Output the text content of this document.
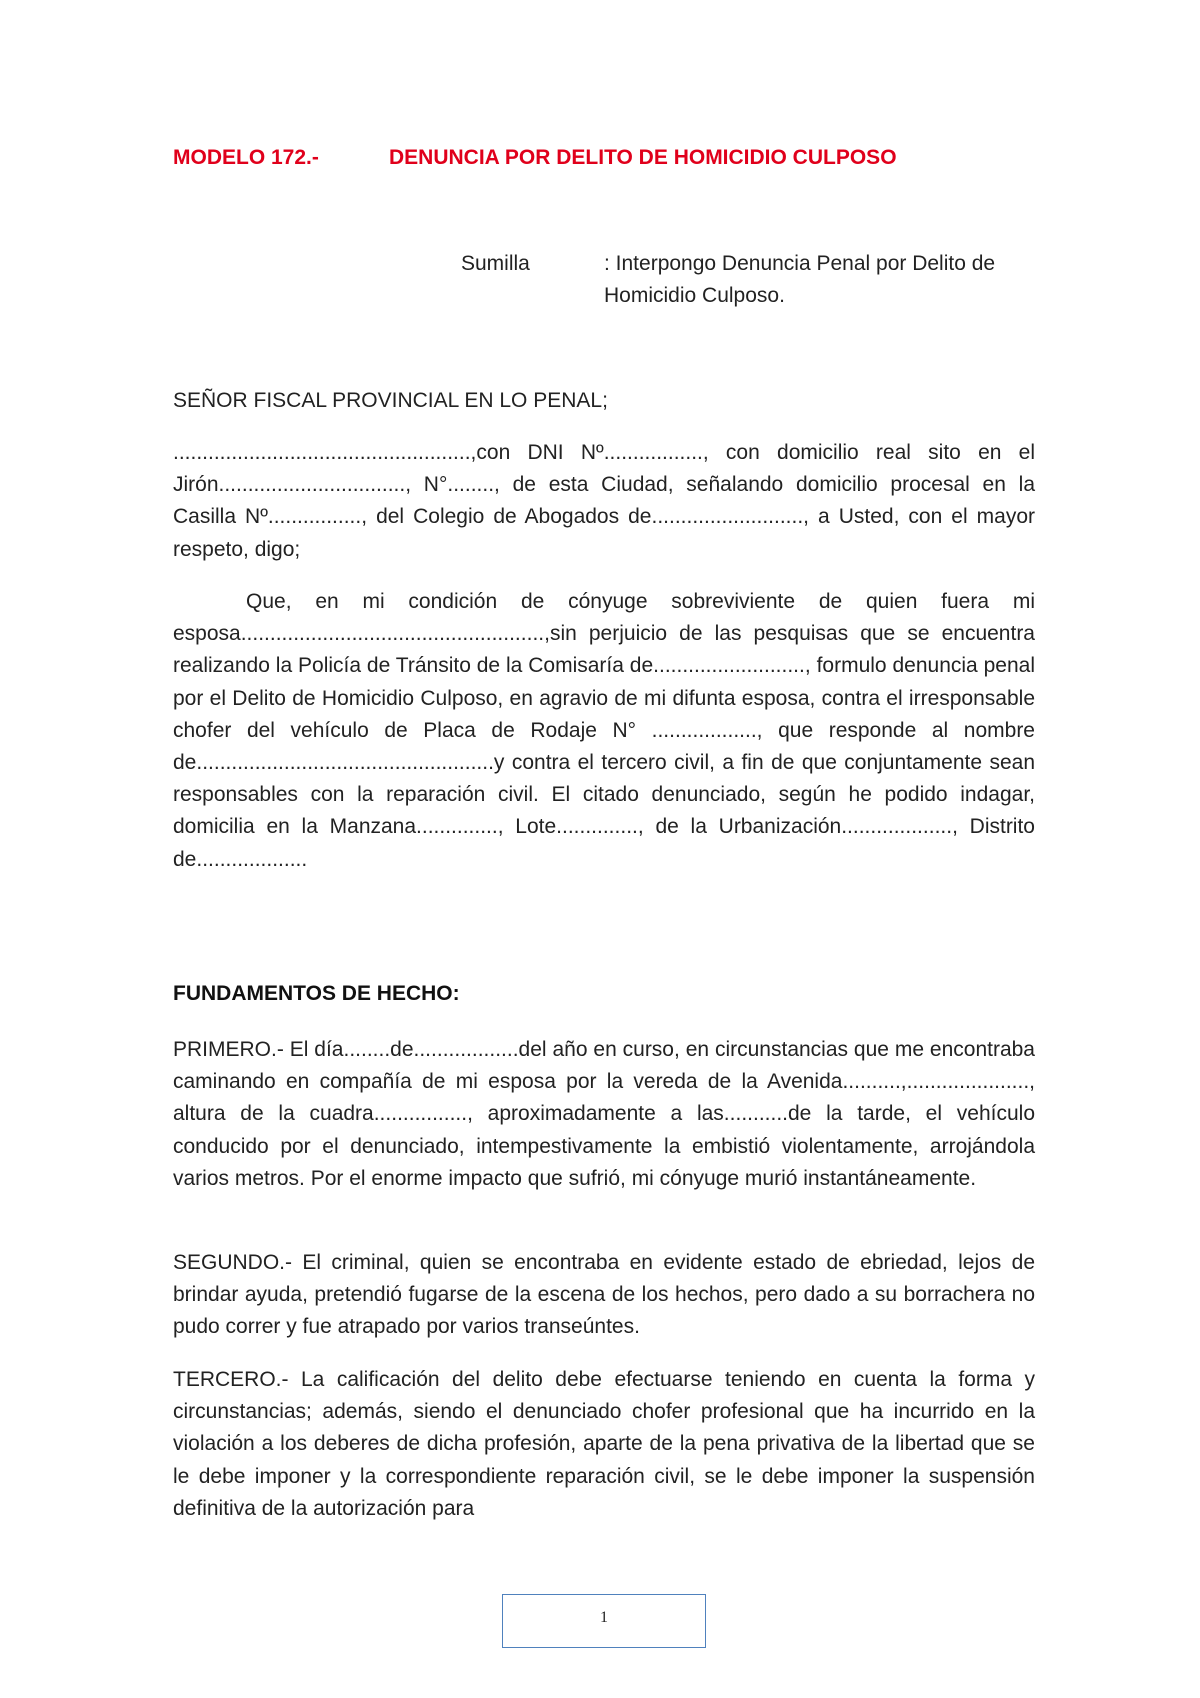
MODELO 172.-	DENUNCIA POR DELITO DE HOMICIDIO CULPOSO
Sumilla	: Interpongo Denuncia Penal por Delito de Homicidio Culposo.
SEÑOR FISCAL PROVINCIAL EN LO PENAL;

...................................................,con DNI Nº................., con domicilio real sito en el Jirón................................, N°........, de esta Ciudad, señalando domicilio procesal en la Casilla Nº................, del Colegio de Abogados de.........................., a Usted, con el mayor respeto, digo;

Que, en mi condición de cónyuge sobreviviente de quien fuera mi esposa....................................................,sin perjuicio de las pesquisas que se encuentra realizando la Policía de Tránsito de la Comisaría de.........................., formulo denuncia penal por el Delito de Homicidio Culposo, en agravio de mi difunta esposa, contra el irresponsable chofer del vehículo de Placa de Rodaje N° .................., que responde al nombre de...................................................y contra el tercero civil, a fin de que conjuntamente sean responsables con la reparación civil. El citado denunciado, según he podido indagar, domicilia en la Manzana.............., Lote.............., de la Urbanización..................., Distrito de...................

FUNDAMENTOS DE HECHO:

PRIMERO.- El día........de..................del año en curso, en circunstancias que me encontraba caminando en compañía de mi esposa por la vereda de la Avenida..........,....................., altura de la cuadra................, aproximadamente a las...........de la tarde, el vehículo conducido por el denunciado, intempestivamente la embistió violentamente, arrojándola varios metros. Por el enorme impacto que sufrió, mi cónyuge murió instantáneamente.

SEGUNDO.- El criminal, quien se encontraba en evidente estado de ebriedad, lejos de brindar ayuda, pretendió fugarse de la escena de los hechos, pero dado a su borrachera no pudo correr y fue atrapado por varios transeúntes.

TERCERO.- La calificación del delito debe efectuarse teniendo en cuenta la forma y circunstancias; además, siendo el denunciado chofer profesional que ha incurrido en la violación a los deberes de dicha profesión, aparte de la pena privativa de la libertad que se le debe imponer y la correspondiente reparación civil, se le debe imponer la suspensión definitiva de la autorización para

1
